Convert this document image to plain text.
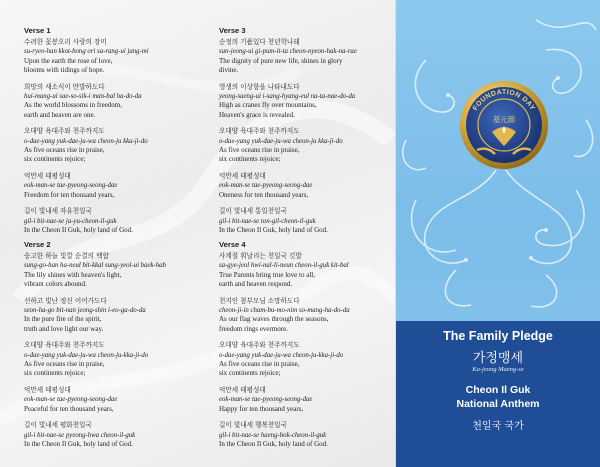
Verse 1
수려한 꽃봉오리 사랑의 장미
su-ryeo-han kkot-bong ori sa-rang-ui jang-mi
Upon the earth the rose of love,
blooms with tidings of hope.
희망의 새소식이 만발하도다
hui-mang-ui sae-so-sik-i man-bal ha-do-da
As the world blossoms in freedom,
earth and heaven are one.
오대양 육대주와 천주까지도
o-dae-yang yuk-dae-ju-wa cheon-ju kka-ji-do
As five oceans rise in praise,
six continents rejoice;
억만세 태평성대
eok-man-se tae-pyeong-seong-dae
Freedom for ten thousand years,
길이 빛내세 자유천일국
gil-i bit-nae-se ja-yu-cheon-il-guk
In the Cheon Il Guk, holy land of God.
Verse 2
숭고한 하늘 빛깔 순결의 백합
sung-go-han ha-neul bit-kkal sung-yeol-ui baek-hab
The lily shines with heaven's light,
vibrant colors abound.
선하고 빛난 정신 이어가도다
seon-ha-go bit-nan jeong-shin i-eo-ga-do-da
In the pure fire of the spirit,
truth and love light our way.
오대양 육대주와 천주까지도
o-dae-yang yuk-dae-ju-wa cheon-ju-kka-ji-do
As five oceans rise in praise,
six continents rejoice;
억만세 태평성대
eok-man-se tae-pyeong-seong-dae
Peaceful for ten thousand years,
길이 빛내세 평화천일국
gil-i bit-nae-se pyeong-hwa cheon-il-guk
In the Cheon Il Guk, holy land of God.
Verse 3
순정의 기품있다 천년학나래
sun-jeong-ui gi-pum-it-ta cheon-nyeon-hak-na-rae
The dignity of pure new life, shines in glory
divine.
영생의 이상향을 나타내도다
yeong-saeng-ui i-sang-hyang-eul na-ta-nae-do-da
High as cranes fly over mountains,
Heaven's grace is revealed.
오대양 육대주와 천주까지도
o-dae-yang yuk-dae-ju-wa cheon-ju kka-ji-do
As five oceans rise in praise,
six continents rejoice;
억만세 태평성대
eok-man-se tae-pyeong-seong-dae
Oneness for ten thousand years,
길이 빛내세 통일천일국
gil-i bit-nae-se ton-gil-cheon-il-guk
In the Cheon Il Guk, holy land of God.
Verse 4
사계절 휘날리는 천일국 깃발
sa-gye-jeol hwi-nal-li-neun cheon-il-guk kit-bal
True Parents bring true love to all,
earth and heaven respond.
천지인 참부모님 소망하도다
cheon-ji-in cham-bu-mo-nim so-mang-ha-do-da
As our flag waves through the seasons,
freedom rings evermore.
오대양 육대주와 천주까지도
o-dae-yang yuk-dae-ju-wa cheon-ju-kka-ji-do
As five oceans rise in praise,
six continents rejoice;
억만세 태평성대
eok-man-se tae-pyeong-seong-dae
Happy for ten thousand years,
길이 빛내세 행복천일국
gil-i bit-nae-se haeng-bok-cheon-il-guk
In the Cheon Il Guk, holy land of God.
FOUNDATION DAY
基元節
The Family Pledge
가정맹세
Ka-jeong Maeng-se
Cheon Il Guk
National Anthem
천일국 국가
